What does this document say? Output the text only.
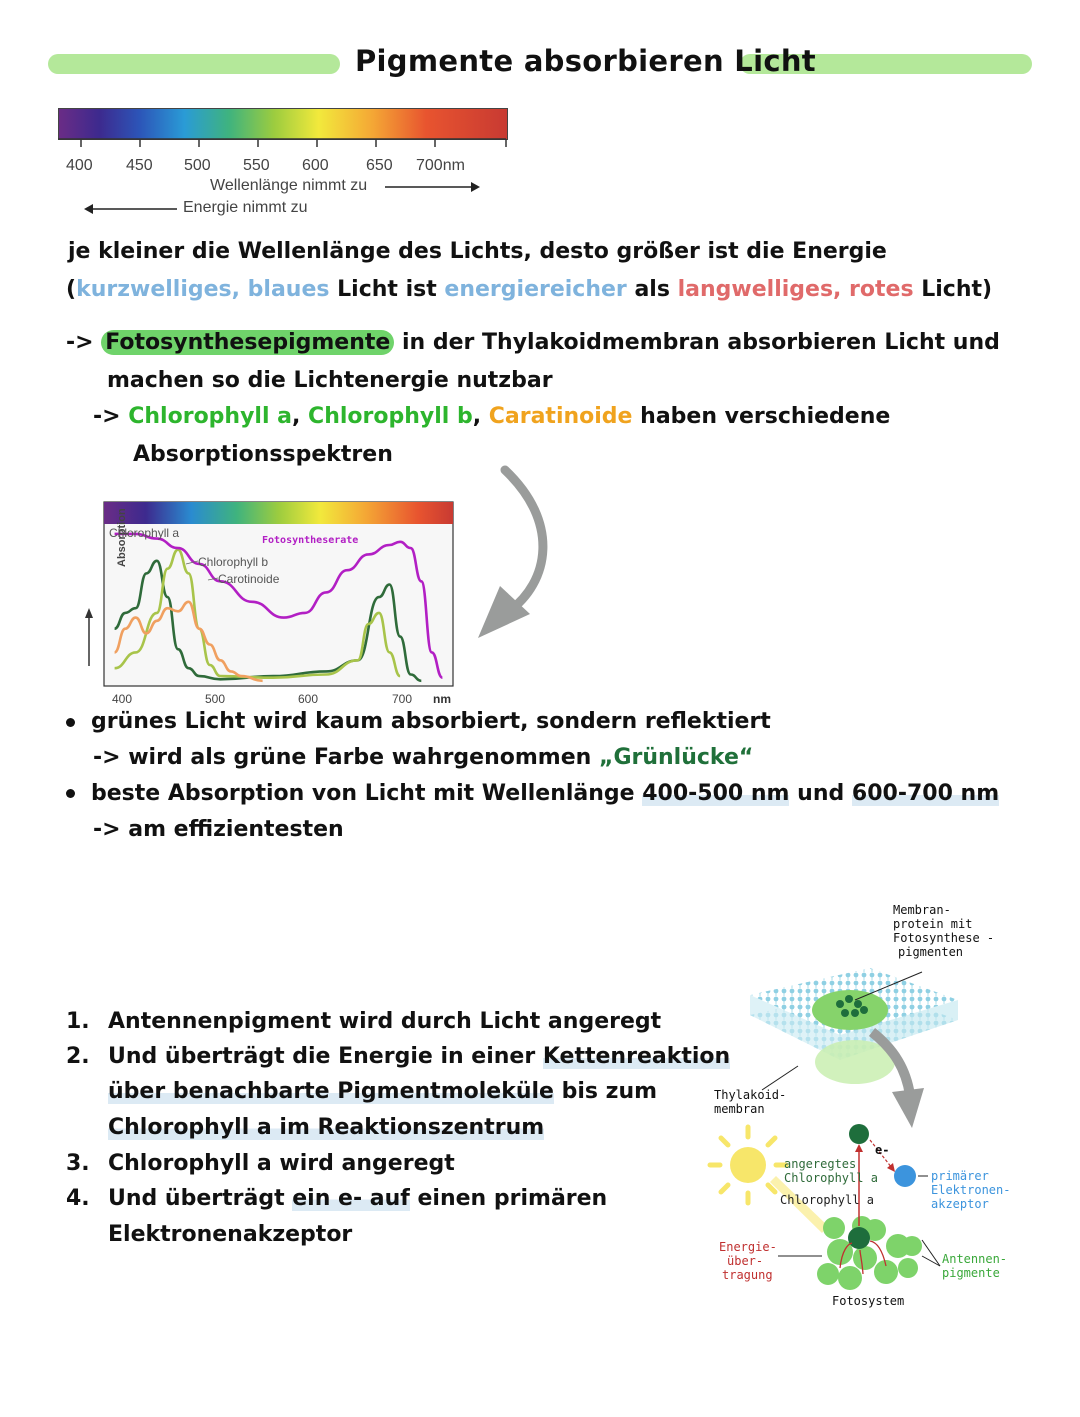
Pigmente absorbieren Licht
400 450 500 550 600 650 700nm
Wellenlänge nimmt zu
Energie nimmt zu
je kleiner die Wellenlänge des Lichts, desto größer ist die Energie
(kurzwelliges, blaues Licht ist energiereicher als langwelliges, rotes Licht)
-> Fotosynthesepigmente in der Thylakoidmembran absorbieren Licht und
machen so die Lichtenergie nutzbar
-> Chlorophyll a, Chlorophyll b, Caratinoide haben verschiedene
Absorptionsspektren
Absorption
Chlorophyll a
Fotosyntheserate
Chlorophyll b
Carotinoide
400	500	600	700 nm
grünes Licht wird kaum absorbiert, sondern reflektiert
-> wird als grüne Farbe wahrgenommen „Grünlücke“
beste Absorption von Licht mit Wellenlänge 400-500 nm und 600-700 nm
-> am effizientesten
1. Antennenpigment wird durch Licht angeregt
2. Und überträgt die Energie in einer Kettenreaktion
über benachbarte Pigmentmoleküle bis zum
Chlorophyll a im Reaktionszentrum
3. Chlorophyll a wird angeregt
4. Und überträgt ein e- auf einen primären
Elektronenakzeptor
Membran-
protein mit
Fotosynthese -
pigmenten
Thylakoid-
membran
e-
angeregtes
Chlorophyll a
Chlorophyll a
primärer
Elektronen-
akzeptor
Energie-
über-
tragung
Antennen-
pigmente
Fotosystem
